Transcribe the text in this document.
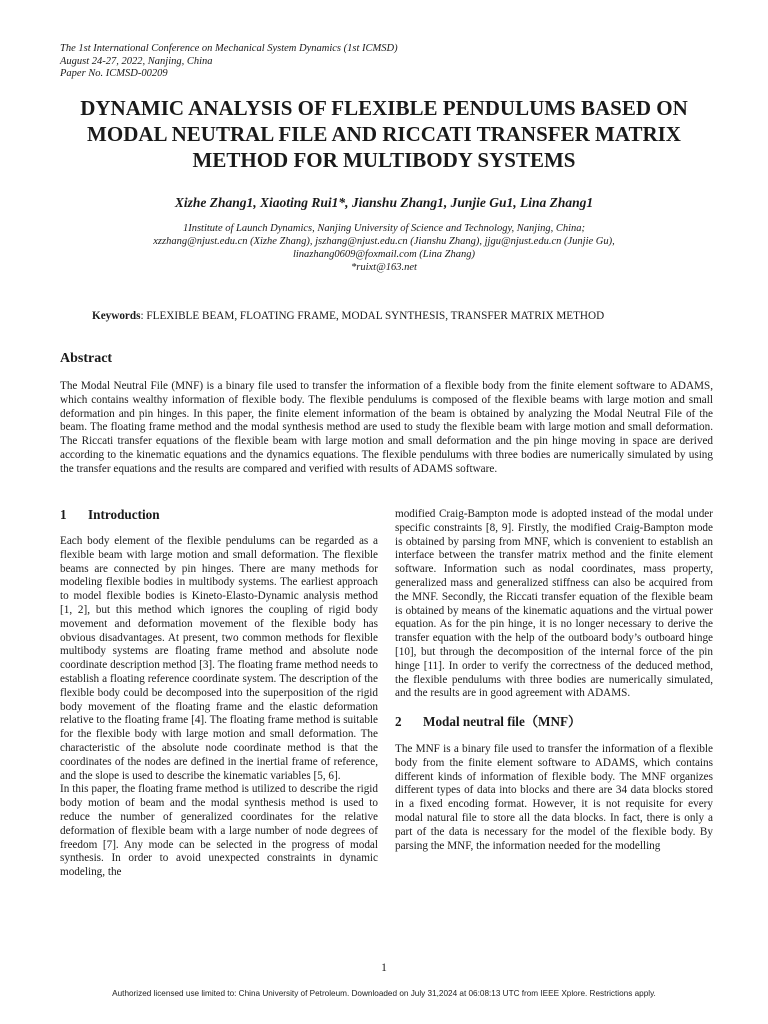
The 1st International Conference on Mechanical System Dynamics (1st ICMSD)
August 24-27, 2022, Nanjing, China
Paper No. ICMSD-00209
DYNAMIC ANALYSIS OF FLEXIBLE PENDULUMS BASED ON MODAL NEUTRAL FILE AND RICCATI TRANSFER MATRIX METHOD FOR MULTIBODY SYSTEMS
Xizhe Zhang1, Xiaoting Rui1*, Jianshu Zhang1, Junjie Gu1, Lina Zhang1
1Institute of Launch Dynamics, Nanjing University of Science and Technology, Nanjing, China;
xzzhang@njust.edu.cn (Xizhe Zhang), jszhang@njust.edu.cn (Jianshu Zhang), jjgu@njust.edu.cn (Junjie Gu),
linazhang0609@foxmail.com (Lina Zhang)
*ruixt@163.net
Keywords: FLEXIBLE BEAM, FLOATING FRAME, MODAL SYNTHESIS, TRANSFER MATRIX METHOD
Abstract
The Modal Neutral File (MNF) is a binary file used to transfer the information of a flexible body from the finite element software to ADAMS, which contains wealthy information of flexible body. The flexible pendulums is composed of the flexible beams with large motion and small deformation and pin hinges. In this paper, the finite element information of the beam is obtained by analyzing the Modal Neutral File of the beam. The floating frame method and the modal synthesis method are used to study the flexible beam with large motion and small deformation. The Riccati transfer equations of the flexible beam with large motion and small deformation and the pin hinge moving in space are derived according to the kinematic equations and the dynamics equations. The flexible pendulums with three bodies are numerically simulated by using the transfer equations and the results are compared and verified with results of ADAMS software.
1 Introduction

Each body element of the flexible pendulums can be regarded as a flexible beam with large motion and small deformation. The flexible beams are connected by pin hinges. There are many methods for modeling flexible bodies in multibody systems. The earliest approach to model flexible bodies is Kineto-Elasto-Dynamic analysis method [1, 2], but this method which ignores the coupling of rigid body movement and deformation movement of the flexible body has obvious disadvantages. At present, two common methods for flexible multibody systems are floating frame method and absolute node coordinate description method [3]. The floating frame method needs to establish a floating reference coordinate system. The description of the flexible body could be decomposed into the superposition of the rigid body movement of the floating frame and the elastic deformation relative to the floating frame [4]. The floating frame method is suitable for the flexible body with large motion and small deformation. The characteristic of the absolute node coordinate method is that the coordinates of the nodes are defined in the inertial frame of reference, and the slope is used to describe the kinematic variables [5, 6].

In this paper, the floating frame method is utilized to describe the rigid body motion of beam and the modal synthesis method is used to reduce the number of generalized coordinates for the relative deformation of flexible beam with a large number of node degrees of freedom [7]. Any mode can be selected in the progress of modal synthesis. In order to avoid unexpected constraints in dynamic modeling, the

modified Craig-Bampton mode is adopted instead of the modal under specific constraints [8, 9]. Firstly, the modified Craig-Bampton mode is obtained by parsing from MNF, which is convenient to establish an interface between the transfer matrix method and the finite element software. Information such as nodal coordinates, mass property, generalized mass and generalized stiffness can also be acquired from the MNF. Secondly, the Riccati transfer equation of the flexible beam is obtained by means of the kinematic aquations and the virtual power equation. As for the pin hinge, it is no longer necessary to derive the transfer equation with the help of the outboard body’s outboard hinge [10], but through the decomposition of the internal force of the pin hinge [11]. In order to verify the correctness of the deduced method, the flexible pendulums with three bodies are numerically simulated, and the results are in good agreement with ADAMS.

2 Modal neutral file（MNF）

The MNF is a binary file used to transfer the information of a flexible body from the finite element software to ADAMS, which contains different kinds of information of flexible body. The MNF organizes different types of data into blocks and there are 34 data blocks stored in a fixed encoding format. However, it is not requisite for every modal natural file to store all the data blocks. In fact, there is only a part of the data is necessary for the model of the flexible body. By parsing the MNF, the information needed for the modelling

1
Authorized licensed use limited to: China University of Petroleum. Downloaded on July 31,2024 at 06:08:13 UTC from IEEE Xplore. Restrictions apply.
